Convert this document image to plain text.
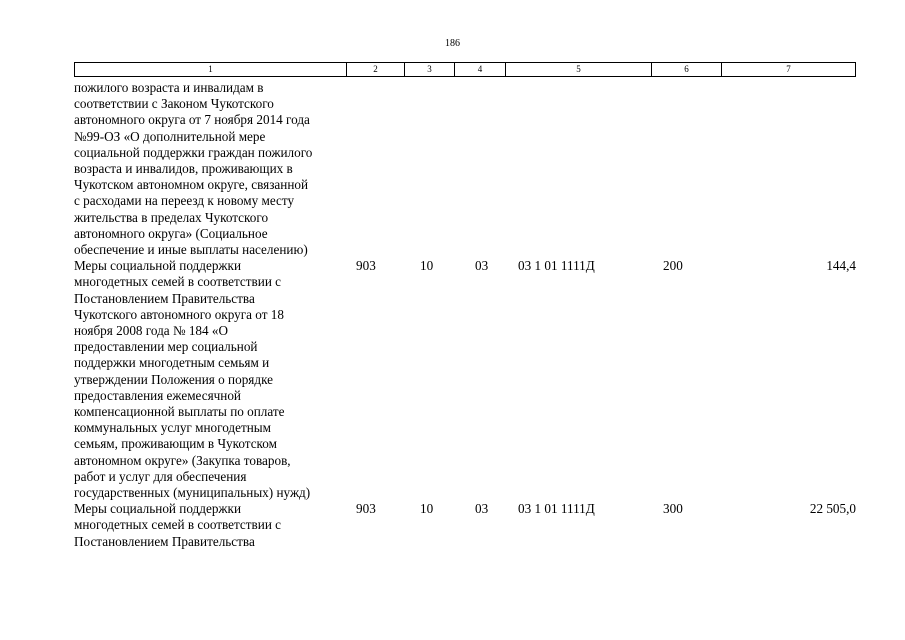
186
1	2	3	4	5	6	7
пожилого возраста и инвалидам в
соответствии с Законом Чукотского
автономного округа от 7 ноября 2014 года
№99-ОЗ «О дополнительной мере
социальной поддержки граждан пожилого
возраста и инвалидов, проживающих в
Чукотском автономном округе, связанной
с расходами на переезд к новому месту
жительства в пределах Чукотского
автономного округа» (Социальное
обеспечение и иные выплаты населению)
Меры социальной поддержки
многодетных семей в соответствии с
Постановлением Правительства
Чукотского автономного округа от 18
ноября 2008 года № 184 «О
предоставлении мер социальной
поддержки многодетным семьям и
утверждении Положения о порядке
предоставления ежемесячной
компенсационной выплаты по оплате
коммунальных услуг многодетным
семьям, проживающим в Чукотском
автономном округе» (Закупка товаров,
работ и услуг для обеспечения
государственных (муниципальных) нужд)
903	10	03	03 1 01 1111Д	200	144,4
Меры социальной поддержки
многодетных семей в соответствии с
Постановлением Правительства
903	10	03	03 1 01 1111Д	300	22 505,0
